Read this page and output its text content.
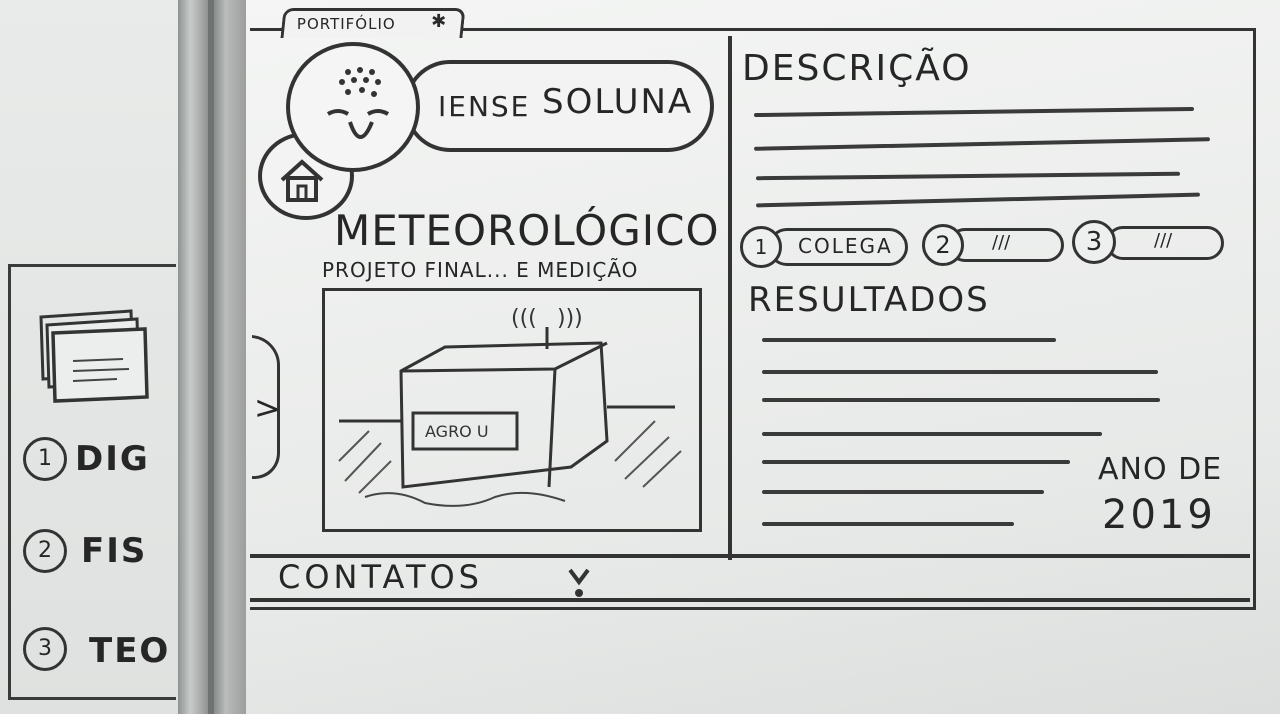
1 DIG
2 FIS
3	TEO
PORTIFÓLIO ✱
IENSE SOLUNA
METEOROLÓGICO
PROJETO FINAL... E MEDIÇÃO
>
((( )))
AGRO U
DESCRIÇÃO
1	COLEGA	2	///	3	///
RESULTADOS
ANO DE
2019
CONTATOS
